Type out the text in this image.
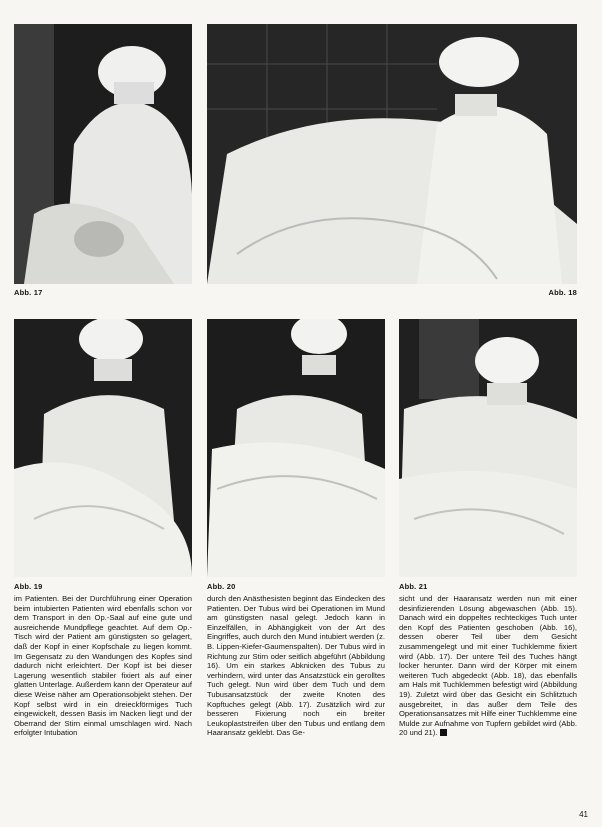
Abb. 17	Abb. 18
Abb. 19	Abb. 20	Abb. 21

im Patienten. Bei der Durchführung einer Operation beim intubierten Patienten wird ebenfalls schon vor dem Transport in den Op.-Saal auf eine gute und ausreichende Mundpflege geachtet. Auf dem Op.-Tisch wird der Patient am günstigsten so gelagert, daß der Kopf in einer Kopfschale zu liegen kommt. Im Gegensatz zu den Wandungen des Kopfes sind dadurch nicht erleichtert. Der Kopf ist bei dieser Lagerung wesentlich stabiler fixiert als auf einer glatten Unterlage. Außerdem kann der Operateur auf diese Weise näher am Operationsobjekt stehen. Der Kopf selbst wird in ein dreieckförmiges Tuch eingewickelt, dessen Basis im Nacken liegt und der Oberrand der Stirn einmal umschlagen wird. Nach erfolgter Intubation

durch den Anästhesisten beginnt das Eindecken des Patienten. Der Tubus wird bei Operationen im Mund am günstigsten nasal gelegt. Jedoch kann in Einzelfällen, in Abhängigkeit von der Art des Eingriffes, auch durch den Mund intubiert werden (z. B. Lippen-Kiefer-Gaumenspalten). Der Tubus wird in Richtung zur Stirn oder seitlich abgeführt (Abbildung 16). Um ein starkes Abknicken des Tubus zu verhindern, wird unter das Ansatzstück ein gerolltes Tuch gelegt. Nun wird über dem Tuch und dem Tubusansatzstück der zweite Knoten des Kopftuches gelegt (Abb. 17). Zusätzlich wird zur besseren Fixierung noch ein breiter Leukoplaststreifen über den Tubus und entlang dem Haaransatz geklebt. Das Ge-

sicht und der Haaransatz werden nun mit einer desinfizierenden Lösung abgewaschen (Abb. 15). Danach wird ein doppeltes rechteckiges Tuch unter den Kopf des Patienten geschoben (Abb. 16), dessen oberer Teil über dem Gesicht zusammengelegt und mit einer Tuchklemme fixiert wird (Abb. 17). Der untere Teil des Tuches hängt locker herunter. Dann wird der Körper mit einem weiteren Tuch abgedeckt (Abb. 18), das ebenfalls am Hals mit Tuchklemmen befestigt wird (Abbildung 19). Zuletzt wird über das Gesicht ein Schlitztuch ausgebreitet, in das außer dem Teile des Operationsansatzes mit Hilfe einer Tuchklemme eine Mulde zur Aufnahme von Tupfern gebildet wird (Abb. 20 und 21).

41
